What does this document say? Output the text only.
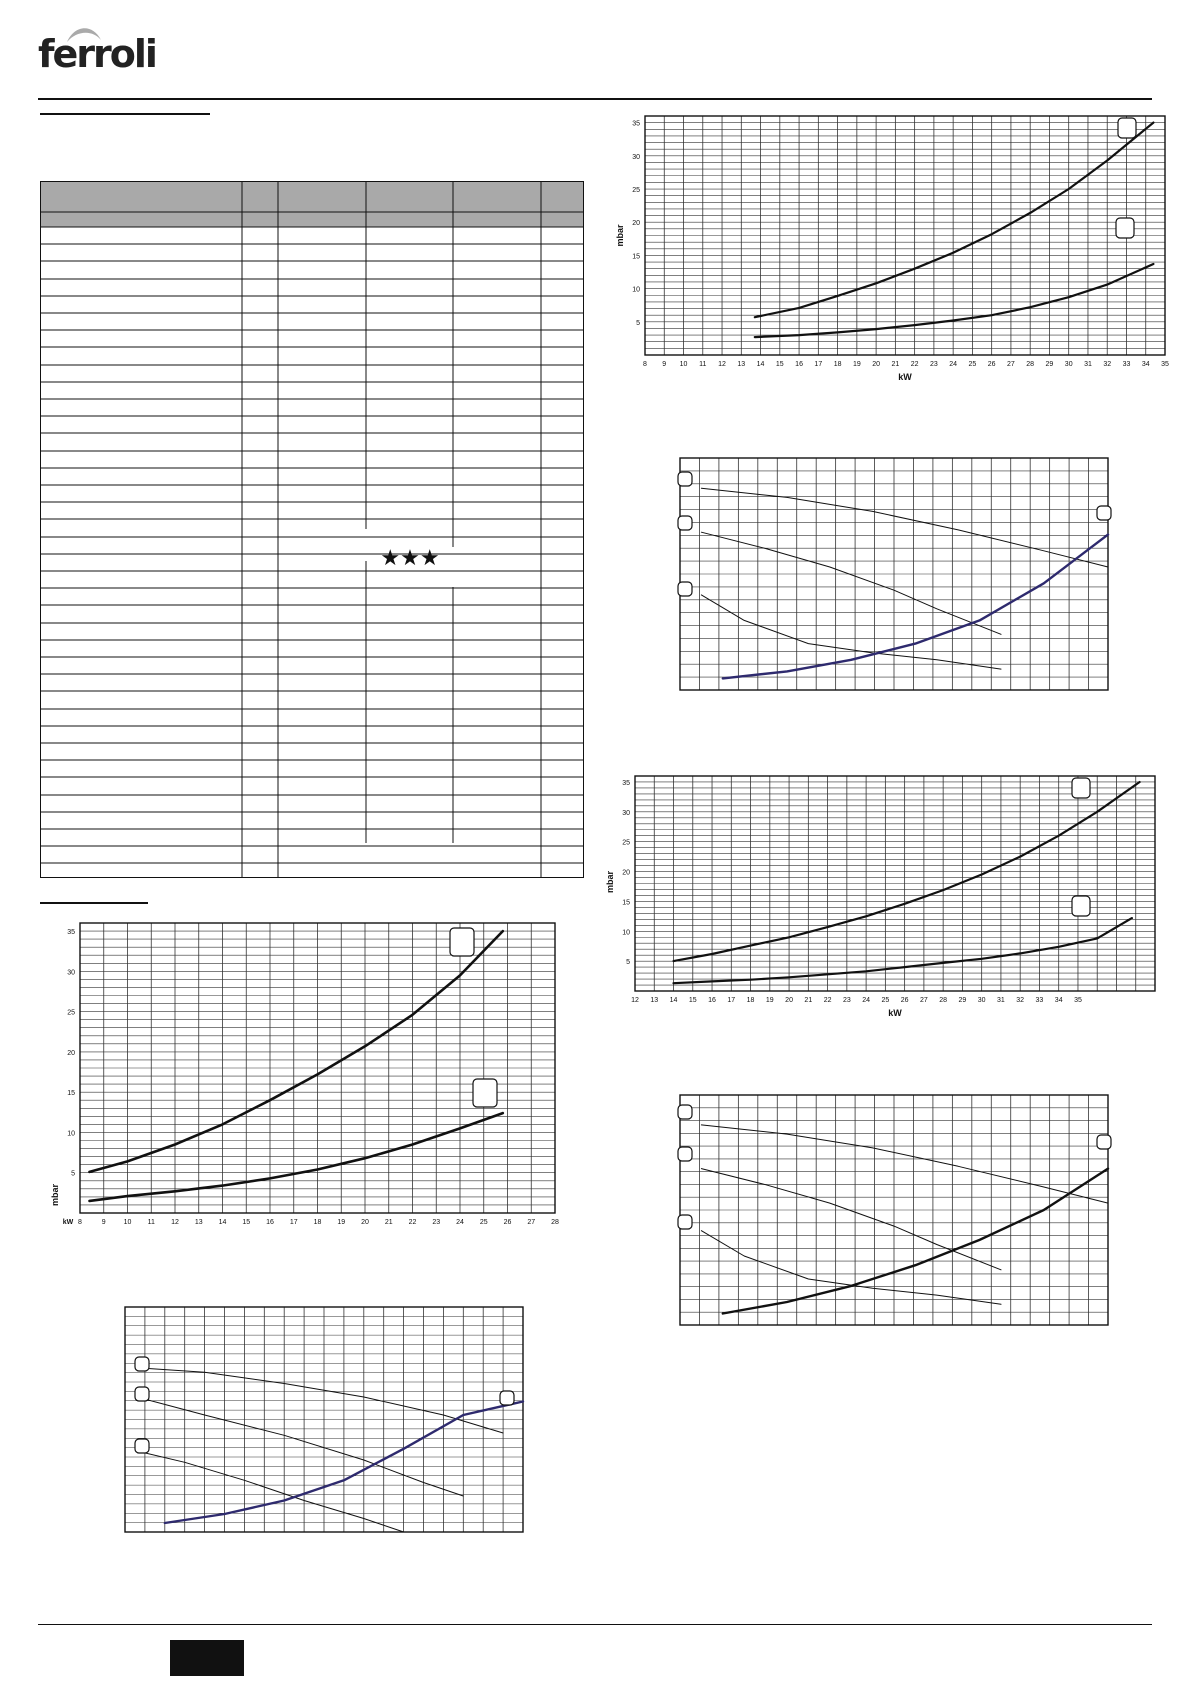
ferroli
★★★
8 9 10 11 12 13 14 15 16 17 18 19 20 21 22 23 24 25 26 27 28 29 30 31 32 33 34 35
5
10
15
20
25
30
35
kW
mbar
12 13 14 15 16 17 18 19 20 21 22 23 24 25 26 27 28 29 30 31 32 33 34 35
5
10
15
20
25
30
35
kW
mbar
8	9	10 11 12 13 14 15 16 17 18 19 20 21 22 23 24 25 26 27 28
kW
5
10
15
20
25
30
35
mbar
